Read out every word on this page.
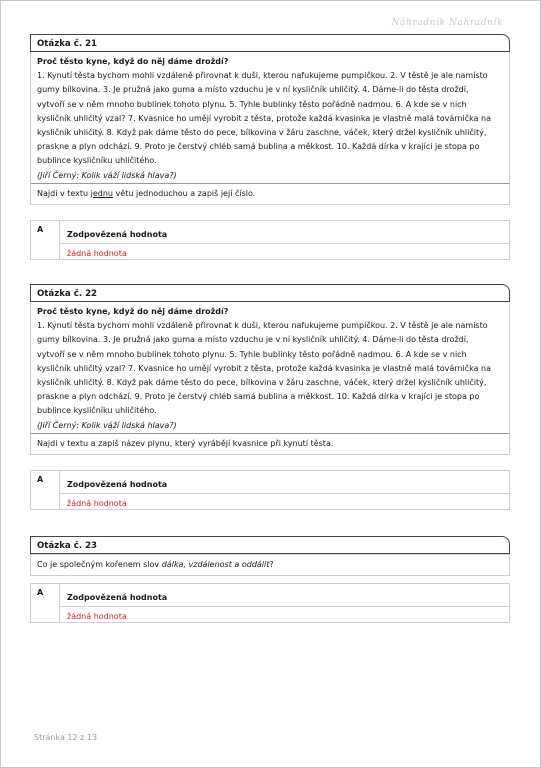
Náhradník Náhradník
Otázka č. 21
Proč těsto kyne, když do něj dáme droždí?
1. Kynutí těsta bychom mohli vzdáleně přirovnat k duši, kterou nafukujeme pumpičkou. 2. V těstě je ale namísto
gumy bílkovina. 3. Je pružná jako guma a místo vzduchu je v ní kysličník uhličitý. 4. Dáme-li do těsta droždí,
vytvoří se v něm mnoho bublinek tohoto plynu. 5. Tyhle bublinky těsto pořádně nadmou. 6. A kde se v nich
kysličník uhličitý vzal? 7. Kvasnice ho umějí vyrobit z těsta, protože každá kvasinka je vlastně malá továrnička na
kysličník uhličitý. 8. Když pak dáme těsto do pece, bílkovina v žáru zaschne, váček, který držel kysličník uhličitý,
praskne a plyn odchází. 9. Proto je čerstvý chléb samá bublina a měkkost. 10. Každá dírka v krajíci je stopa po
bublince kysličníku uhličitého.
(Jiří Černý: Kolik váží lidská hlava?)
Najdi v textu jednu větu jednoduchou a zapiš její číslo.
A
Zodpovězená hodnota
žádná hodnota
Otázka č. 22
Proč těsto kyne, když do něj dáme droždí?
1. Kynutí těsta bychom mohli vzdáleně přirovnat k duši, kterou nafukujeme pumpičkou. 2. V těstě je ale namísto
gumy bílkovina. 3. Je pružná jako guma a místo vzduchu je v ní kysličník uhličitý. 4. Dáme-li do těsta droždí,
vytvoří se v něm mnoho bublinek tohoto plynu. 5. Tyhle bublinky těsto pořádně nadmou. 6. A kde se v nich
kysličník uhličitý vzal? 7. Kvasnice ho umějí vyrobit z těsta, protože každá kvasinka je vlastně malá továrnička na
kysličník uhličitý. 8. Když pak dáme těsto do pece, bílkovina v žáru zaschne, váček, který držel kysličník uhličitý,
praskne a plyn odchází. 9. Proto je čerstvý chléb samá bublina a měkkost. 10. Každá dírka v krajíci je stopa po
bublince kysličníku uhličitého.
(Jiří Černý: Kolik váží lidská hlava?)
Najdi v textu a zapiš název plynu, který vyrábějí kvasnice při kynutí těsta.
A
Zodpovězená hodnota
žádná hodnota
Otázka č. 23
Co je společným kořenem slov dálka, vzdálenost a oddálit?
A
Zodpovězená hodnota
žádná hodnota
Stránka 12 z 13
